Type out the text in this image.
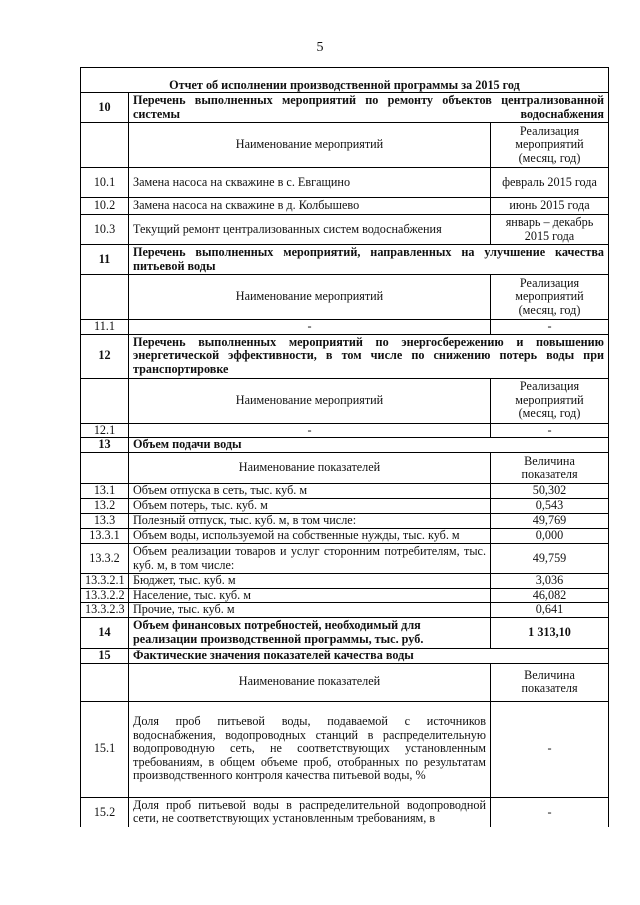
5
Отчет об исполнении производственной программы за 2015 год		
10	Перечень выполненных мероприятий по ремонту объектов централизованной системы водоснабжения	
	Наименование мероприятий	Реализация мероприятий (месяц, год)
10.1	Замена насоса на скважине в с. Евгащино	февраль 2015 года
10.2	Замена насоса на скважине в д. Колбышево	июнь 2015 года
10.3	Текущий ремонт централизованных систем водоснабжения	январь – декабрь 2015 года
11	Перечень выполненных мероприятий, направленных на улучшение качества питьевой воды	
	Наименование мероприятий	Реализация мероприятий (месяц, год)
11.1	-	-
12	Перечень выполненных мероприятий по энергосбережению и повышению энергетической эффективности, в том числе по снижению потерь воды при транспортировке	
	Наименование мероприятий	Реализация мероприятий (месяц, год)
12.1	-	-
13	Объем подачи воды	
	Наименование показателей	Величина показателя
13.1	Объем отпуска в сеть, тыс. куб. м	50,302
13.2	Объем потерь, тыс. куб. м	0,543
13.3	Полезный отпуск, тыс. куб. м, в том числе:	49,769
13.3.1	Объем воды, используемой на собственные нужды, тыс. куб. м	0,000
13.3.2	Объем реализации товаров и услуг сторонним потребителям, тыс. куб. м, в том числе:	49,759
13.3.2.1	Бюджет, тыс. куб. м	3,036
13.3.2.2	Население, тыс. куб. м	46,082
13.3.2.3	Прочие, тыс. куб. м	0,641
14	Объем финансовых потребностей, необходимый для реализации производственной программы, тыс. руб.	1 313,10
15	Фактические значения показателей качества воды	
	Наименование показателей	Величина показателя
15.1	Доля проб питьевой воды, подаваемой с источников водоснабжения, водопроводных станций в распределительную водопроводную сеть, не соответствующих установленным требованиям, в общем объеме проб, отобранных по результатам производственного контроля качества питьевой воды, %	-
15.2	Доля проб питьевой воды в распределительной водопроводной сети, не соответствующих установленным требованиям, в	-
